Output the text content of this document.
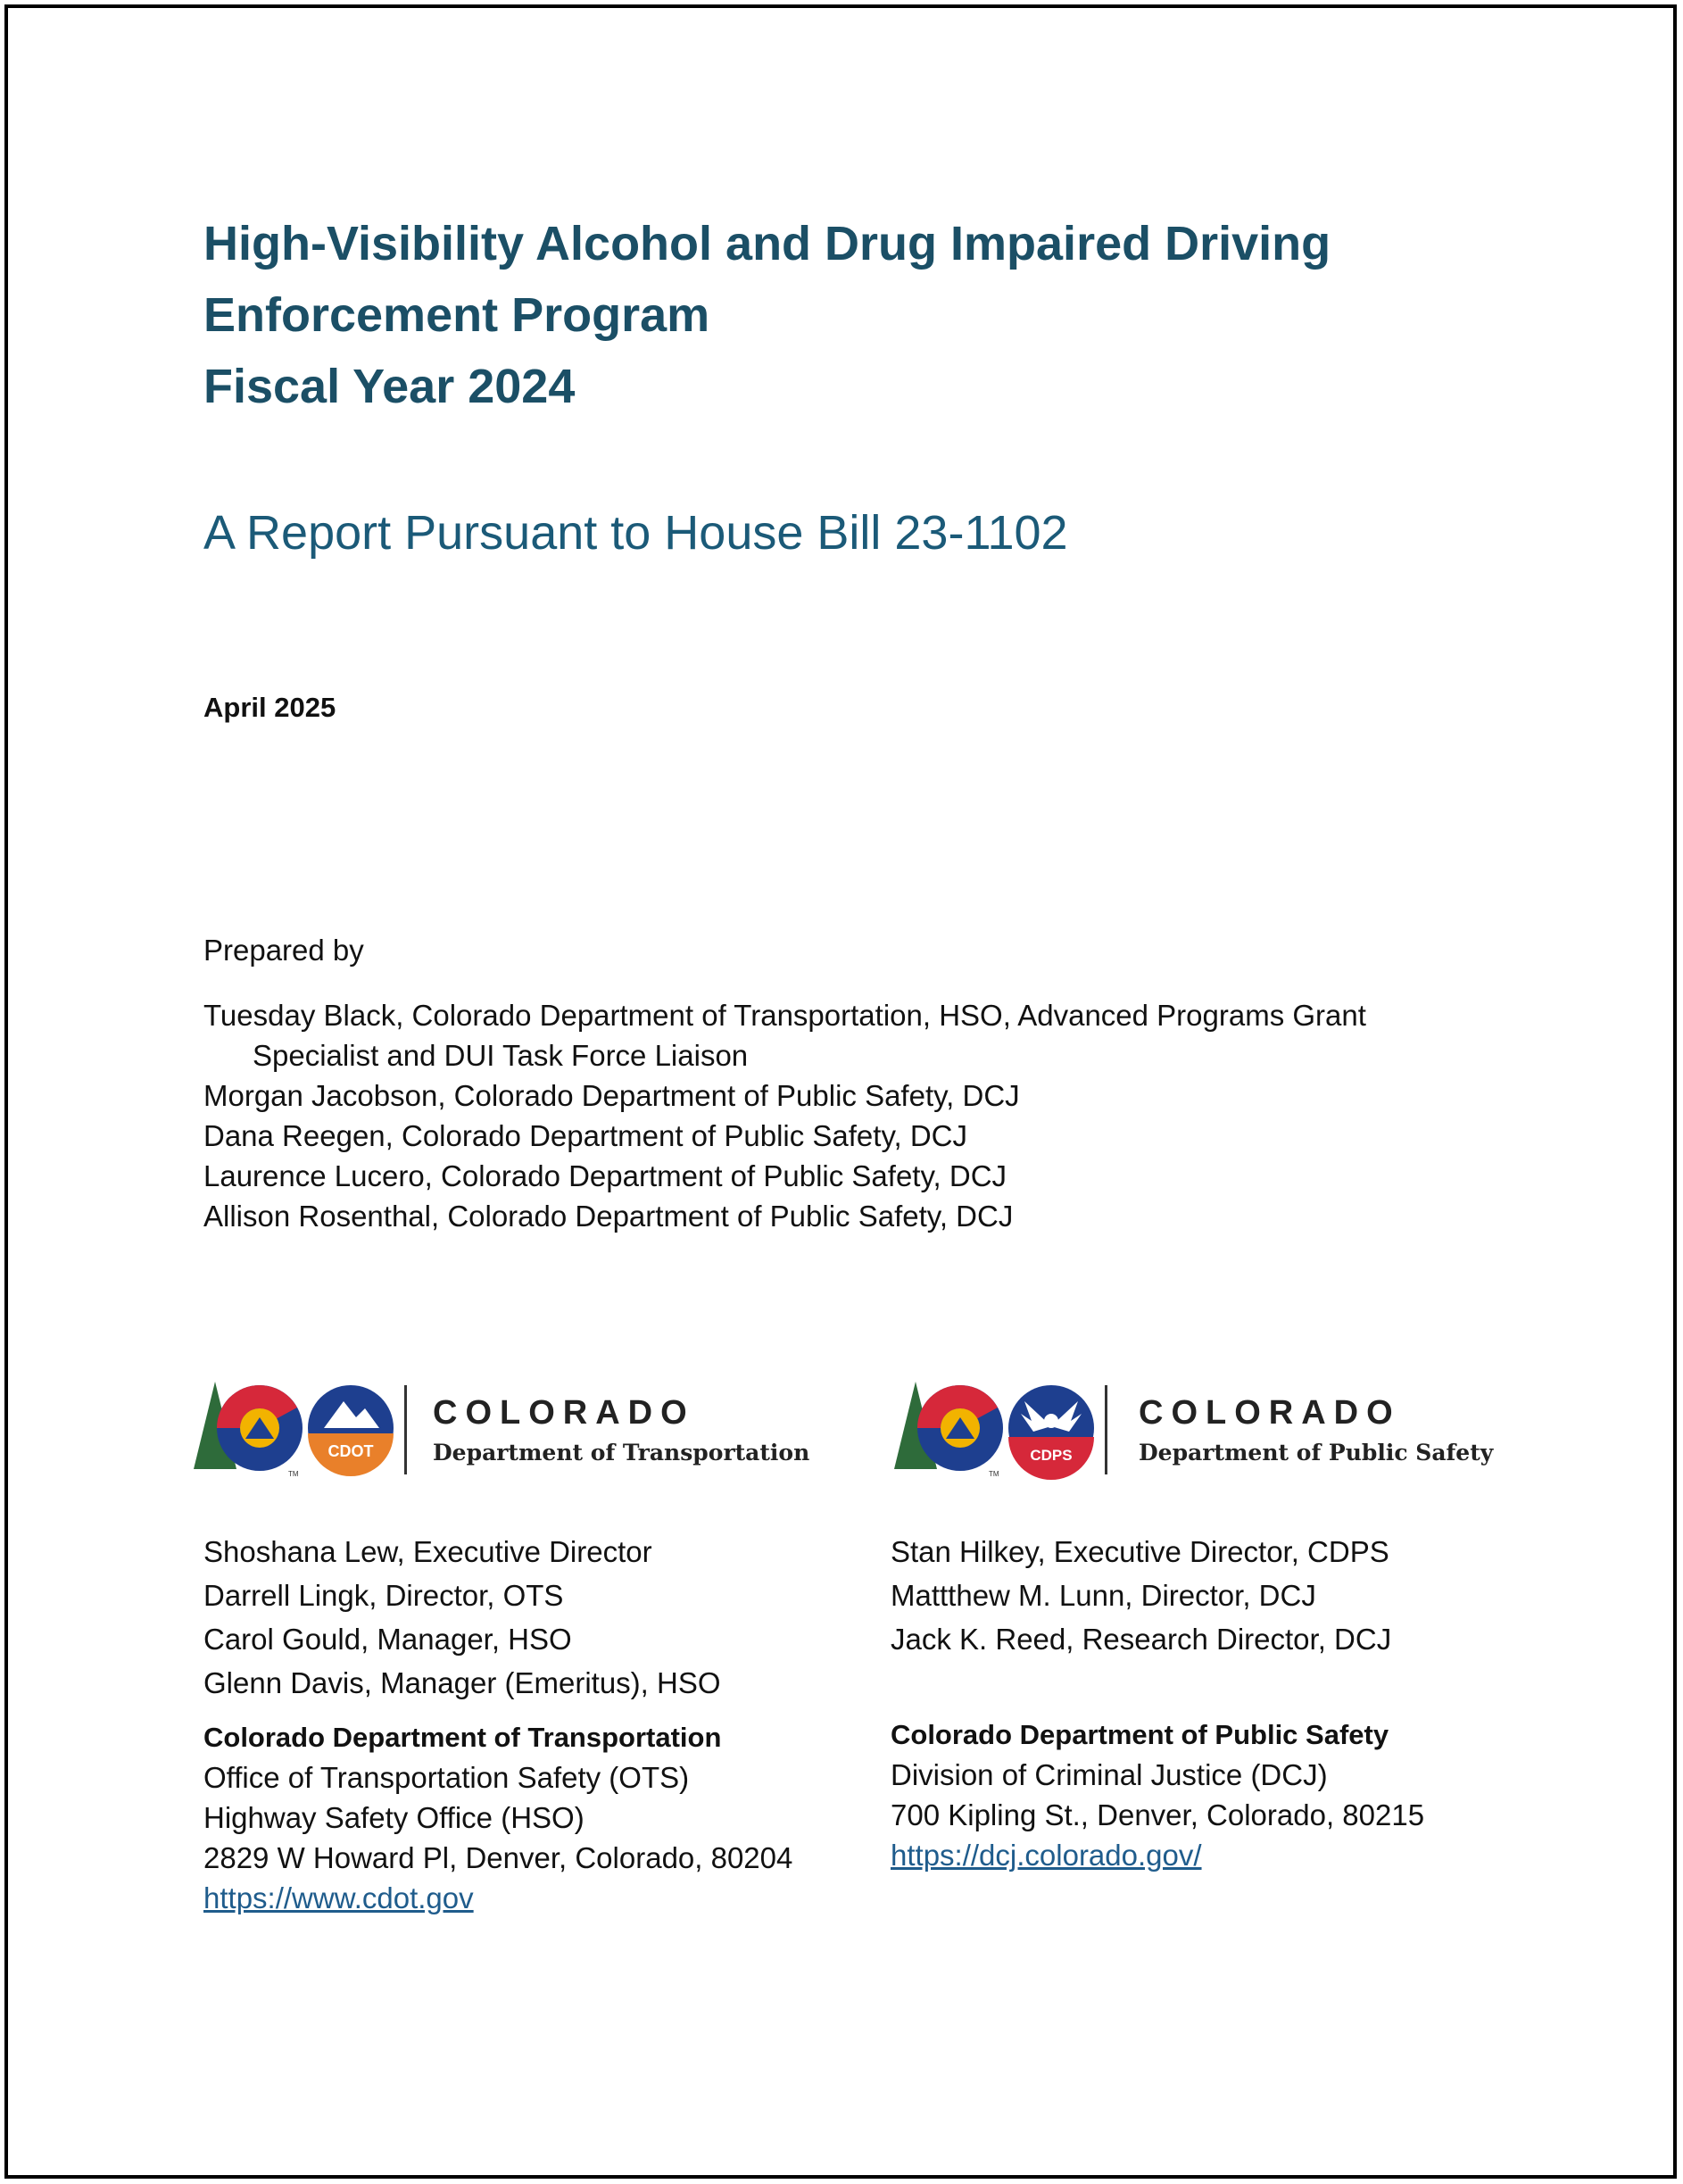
High-Visibility Alcohol and Drug Impaired Driving

Enforcement Program

Fiscal Year 2024

A Report Pursuant to House Bill 23-1102

April 2025

Prepared by

Tuesday Black, Colorado Department of Transportation, HSO, Advanced Programs Grant
Specialist and DUI Task Force Liaison
Morgan Jacobson, Colorado Department of Public Safety, DCJ
Dana Reegen, Colorado Department of Public Safety, DCJ
Laurence Lucero, Colorado Department of Public Safety, DCJ
Allison Rosenthal, Colorado Department of Public Safety, DCJ
TM
CDOT
COLORADO
Department of Transportation
TM
CDPS
COLORADO
Department of Public Safety
Shoshana Lew, Executive Director
Darrell Lingk, Director, OTS
Carol Gould, Manager, HSO
Glenn Davis, Manager (Emeritus), HSO
Colorado Department of Transportation
Office of Transportation Safety (OTS)
Highway Safety Office (HSO)
2829 W Howard Pl, Denver, Colorado, 80204
https://www.cdot.gov
Stan Hilkey, Executive Director, CDPS
Mattthew M. Lunn, Director, DCJ
Jack K. Reed, Research Director, DCJ
Colorado Department of Public Safety
Division of Criminal Justice (DCJ)
700 Kipling St., Denver, Colorado, 80215
https://dcj.colorado.gov/
